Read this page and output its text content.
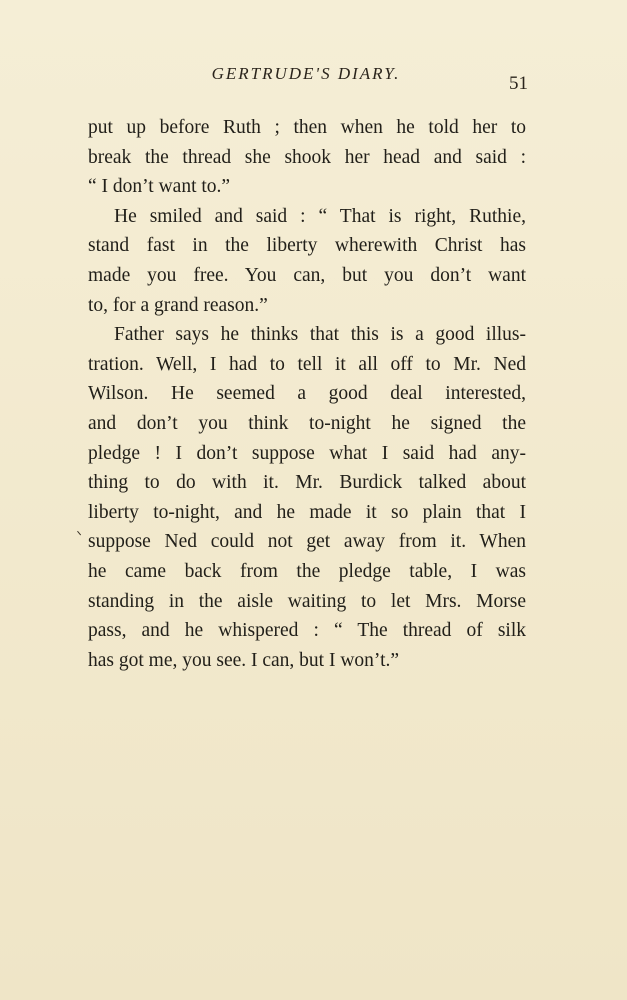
GERTRUDE'S DIARY.	51
put up before Ruth ; then when he told her to
break the thread she shook her head and said :
“ I don’t want to.”
He smiled and said : “ That is right, Ruthie,
stand fast in the liberty wherewith Christ has
made you free. You can, but you don’t want
to, for a grand reason.”
Father says he thinks that this is a good illus-
tration. Well, I had to tell it all off to Mr. Ned
Wilson. He seemed a good deal interested,
and don’t you think to-night he signed the
pledge ! I don’t suppose what I said had any-
thing to do with it. Mr. Burdick talked about
liberty to-night, and he made it so plain that I
suppose Ned could not get away from it. When
he came back from the pledge table, I was
standing in the aisle waiting to let Mrs. Morse
pass, and he whispered : “ The thread of silk
has got me, you see. I can, but I won’t.”
